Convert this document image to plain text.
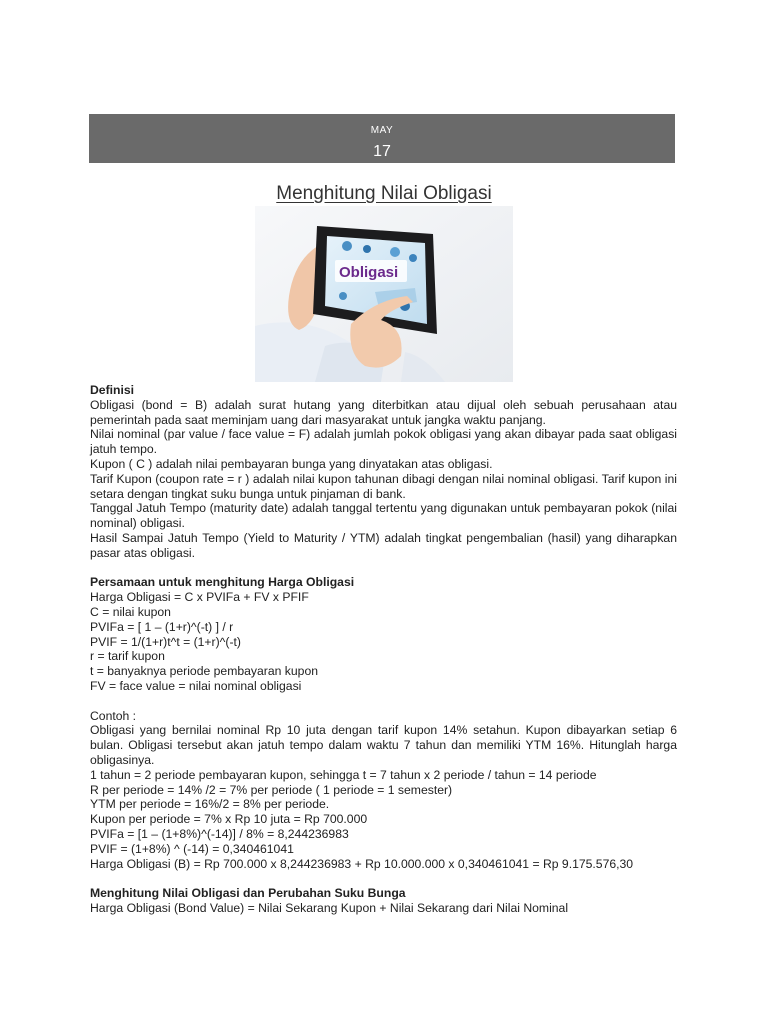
MAY
17
Menghitung Nilai Obligasi
Obligasi

Definisi

Obligasi (bond = B) adalah surat hutang yang diterbitkan atau dijual oleh sebuah perusahaan atau pemerintah pada saat meminjam uang dari masyarakat untuk jangka waktu panjang.

Nilai nominal (par value / face value = F) adalah jumlah pokok obligasi yang akan dibayar pada saat obligasi jatuh tempo.

Kupon ( C ) adalah nilai pembayaran bunga yang dinyatakan atas obligasi.

Tarif Kupon (coupon rate = r ) adalah nilai kupon tahunan dibagi dengan nilai nominal obligasi. Tarif kupon ini setara dengan tingkat suku bunga untuk pinjaman di bank.

Tanggal Jatuh Tempo (maturity date) adalah tanggal tertentu yang digunakan untuk pembayaran pokok (nilai nominal) obligasi.

Hasil Sampai Jatuh Tempo (Yield to Maturity / YTM) adalah tingkat pengembalian (hasil) yang diharapkan pasar atas obligasi.

Persamaan untuk menghitung Harga Obligasi

Harga Obligasi = C x PVIFa + FV x PFIF

C = nilai kupon

PVIFa = [ 1 – (1+r)^(-t) ] / r

PVIF = 1/(1+r)t^t = (1+r)^(-t)

r = tarif kupon

t = banyaknya periode pembayaran kupon

FV = face value = nilai nominal obligasi

Contoh :

Obligasi yang bernilai nominal Rp 10 juta dengan tarif kupon 14% setahun. Kupon dibayarkan setiap 6 bulan. Obligasi tersebut akan jatuh tempo dalam waktu 7 tahun dan memiliki YTM 16%. Hitunglah harga obligasinya.

1 tahun = 2 periode pembayaran kupon, sehingga t = 7 tahun x 2 periode / tahun = 14 periode

R per periode = 14% /2 = 7% per periode ( 1 periode = 1 semester)

YTM per periode = 16%/2 = 8% per periode.

Kupon per periode = 7% x Rp 10 juta = Rp 700.000

PVIFa = [1 – (1+8%)^(-14)] / 8% = 8,244236983

PVIF = (1+8%) ^ (-14) = 0,340461041

Harga Obligasi (B) = Rp 700.000 x 8,244236983 + Rp 10.000.000 x 0,340461041 = Rp 9.175.576,30

Menghitung Nilai Obligasi dan Perubahan Suku Bunga

Harga Obligasi (Bond Value) = Nilai Sekarang Kupon + Nilai Sekarang dari Nilai Nominal
